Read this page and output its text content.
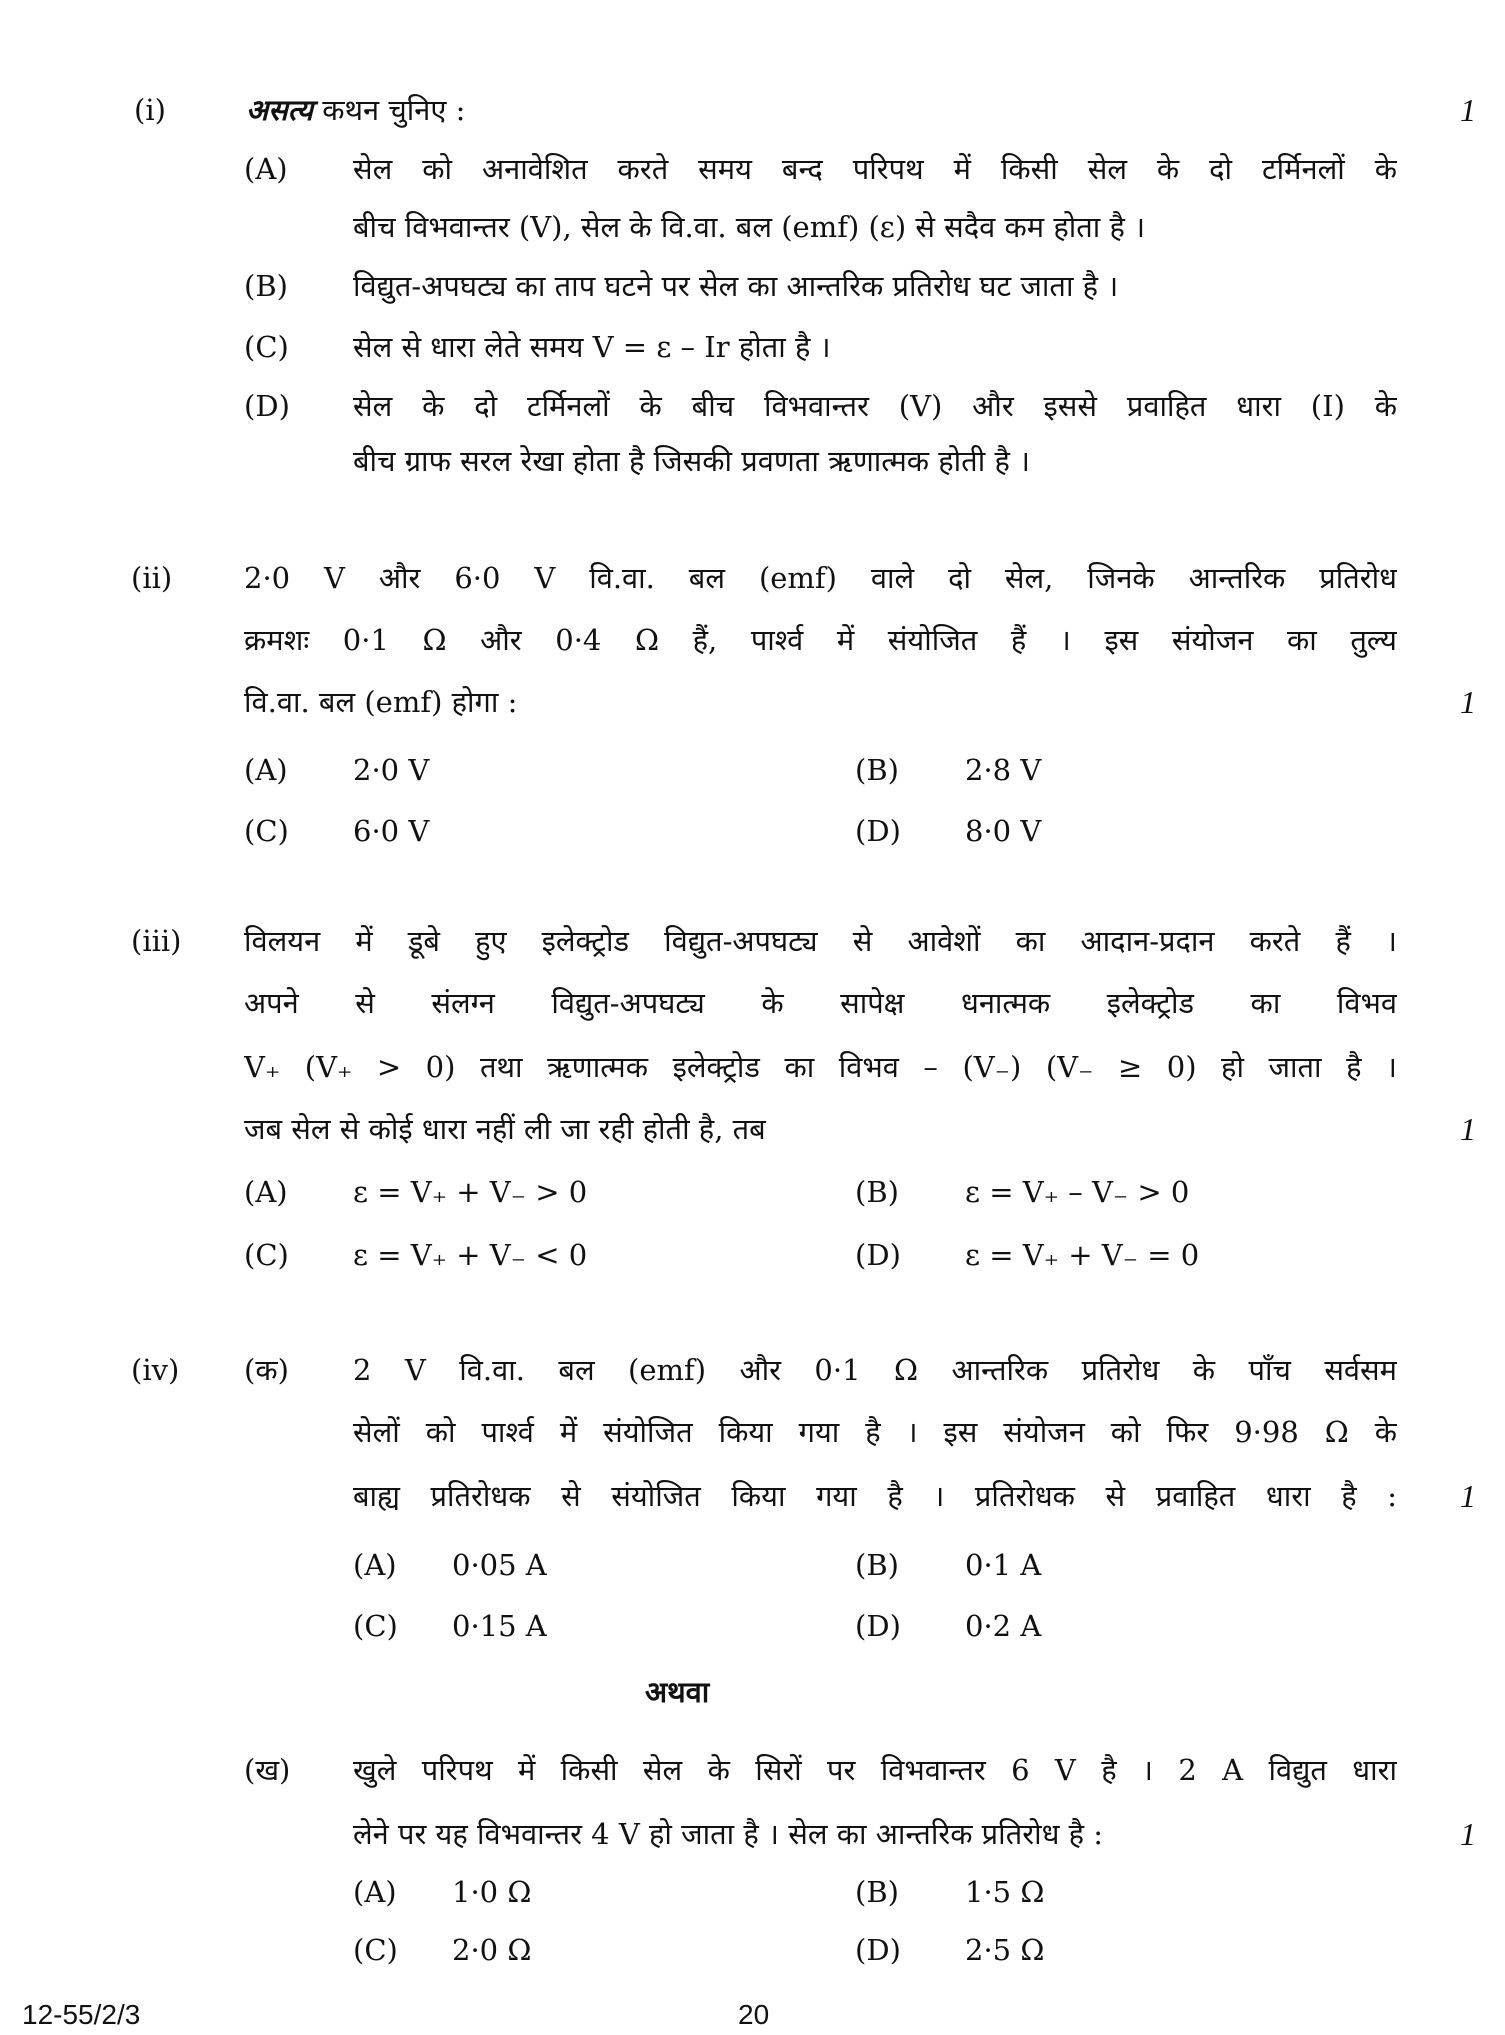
(i)	असत्य कथन चुनिए :	1
(A) सेल को अनावेशित करते समय बन्द परिपथ में किसी सेल के दो टर्मिनलों के
बीच विभवान्तर (V), सेल के वि.वा. बल (emf) (ε) से सदैव कम होता है ।
(B) विद्युत-अपघट्य का ताप घटने पर सेल का आन्तरिक प्रतिरोध घट जाता है ।
(C) सेल से धारा लेते समय V = ε – Ir होता है ।
(D) सेल के दो टर्मिनलों के बीच विभवान्तर (V) और इससे प्रवाहित धारा (I) के
बीच ग्राफ सरल रेखा होता है जिसकी प्रवणता ऋणात्मक होती है ।
(ii) 2·0 V और 6·0 V वि.वा. बल (emf) वाले दो सेल, जिनके आन्तरिक प्रतिरोध
क्रमशः 0·1 Ω और 0·4 Ω हैं, पार्श्व में संयोजित हैं । इस संयोजन का तुल्य
वि.वा. बल (emf) होगा :	1
(A) 2·0 V	(B) 2·8 V
(C) 6·0 V	(D) 8·0 V
(iii) विलयन में डूबे हुए इलेक्ट्रोड विद्युत-अपघट्य से आवेशों का आदान-प्रदान करते हैं ।
अपने से संलग्न विद्युत-अपघट्य के सापेक्ष धनात्मक इलेक्ट्रोड का विभव
V₊ (V₊ > 0) तथा ऋणात्मक इलेक्ट्रोड का विभव – (V₋) (V₋ ≥ 0) हो जाता है ।
जब सेल से कोई धारा नहीं ली जा रही होती है, तब	1
(A) ε = V₊ + V₋ > 0	(B) ε = V₊ – V₋ > 0
(C) ε = V₊ + V₋ < 0	(D) ε = V₊ + V₋ = 0
(iv) (क) 2 V वि.वा. बल (emf) और 0·1 Ω आन्तरिक प्रतिरोध के पाँच सर्वसम
सेलों को पार्श्व में संयोजित किया गया है । इस संयोजन को फिर 9·98 Ω के
बाह्य प्रतिरोधक से संयोजित किया गया है । प्रतिरोधक से प्रवाहित धारा है : 1
(A) 0·05 A	(B) 0·1 A
(C) 0·15 A	(D) 0·2 A
अथवा
(ख) खुले परिपथ में किसी सेल के सिरों पर विभवान्तर 6 V है । 2 A विद्युत धारा
लेने पर यह विभवान्तर 4 V हो जाता है । सेल का आन्तरिक प्रतिरोध है :	1
(A) 1·0 Ω	(B) 1·5 Ω
(C) 2·0 Ω	(D) 2·5 Ω
12-55/2/3	20
